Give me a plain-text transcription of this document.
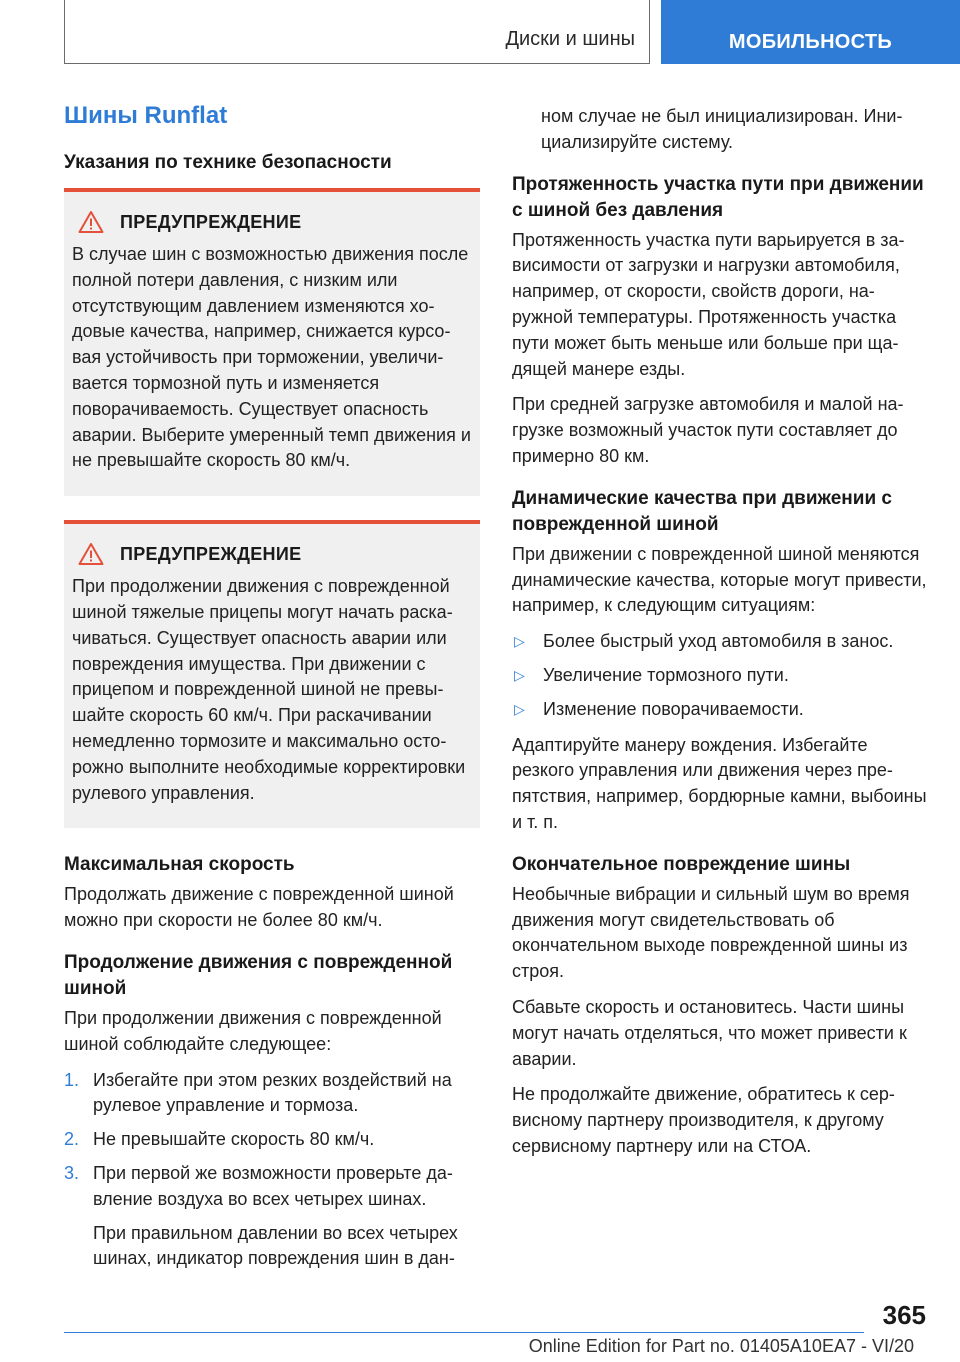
Диски и шины	МОБИЛЬНОСТЬ
Шины Runflat
Указания по технике безопасности
ПРЕДУПРЕЖДЕНИЕ
В случае шин с возможностью движения после полной потери давления, с низким или отсутствующим давлением изменяются ходовые качества, например, снижается курсовая устойчивость при торможении, увеличивается тормозной путь и изменяется поворачиваемость. Существует опасность аварии. Выберите умеренный темп движения и не превышайте скорость 80 км/ч.
ПРЕДУПРЕЖДЕНИЕ
При продолжении движения с поврежденной шиной тяжелые прицепы могут начать раскачиваться. Существует опасность аварии или повреждения имущества. При движении с прицепом и поврежденной шиной не превышайте скорость 60 км/ч. При раскачивании немедленно тормозите и максимально осторожно выполните необходимые корректировки рулевого управления.
Максимальная скорость
Продолжать движение с поврежденной шиной можно при скорости не более 80 км/ч.
Продолжение движения с поврежденной шиной
При продолжении движения с поврежденной шиной соблюдайте следующее:
1. Избегайте при этом резких воздействий на рулевое управление и тормоза.
2. Не превышайте скорость 80 км/ч.
3. При первой же возможности проверьте давление воздуха во всех четырех шинах.
При правильном давлении во всех четырех шинах, индикатор повреждения шин в дан-
ном случае не был инициализирован. Инициализируйте систему.
Протяженность участка пути при движении с шиной без давления
Протяженность участка пути варьируется в зависимости от загрузки и нагрузки автомобиля, например, от скорости, свойств дороги, наружной температуры. Протяженность участка пути может быть меньше или больше при щадящей манере езды.
При средней загрузке автомобиля и малой нагрузке возможный участок пути составляет до примерно 80 км.
Динамические качества при движении с поврежденной шиной
При движении с поврежденной шиной меняются динамические качества, которые могут привести, например, к следующим ситуациям:
▷	Более быстрый уход автомобиля в занос.
▷	Увеличение тормозного пути.
▷	Изменение поворачиваемости.
Адаптируйте манеру вождения. Избегайте резкого управления или движения через препятствия, например, бордюрные камни, выбоины и т. п.
Окончательное повреждение шины
Необычные вибрации и сильный шум во время движения могут свидетельствовать об окончательном выходе поврежденной шины из строя.
Сбавьте скорость и остановитесь. Части шины могут начать отделяться, что может привести к аварии.
Не продолжайте движение, обратитесь к сервисному партнеру производителя, к другому сервисному партнеру или на СТОА.
365
Online Edition for Part no. 01405A10EA7 - VI/20
